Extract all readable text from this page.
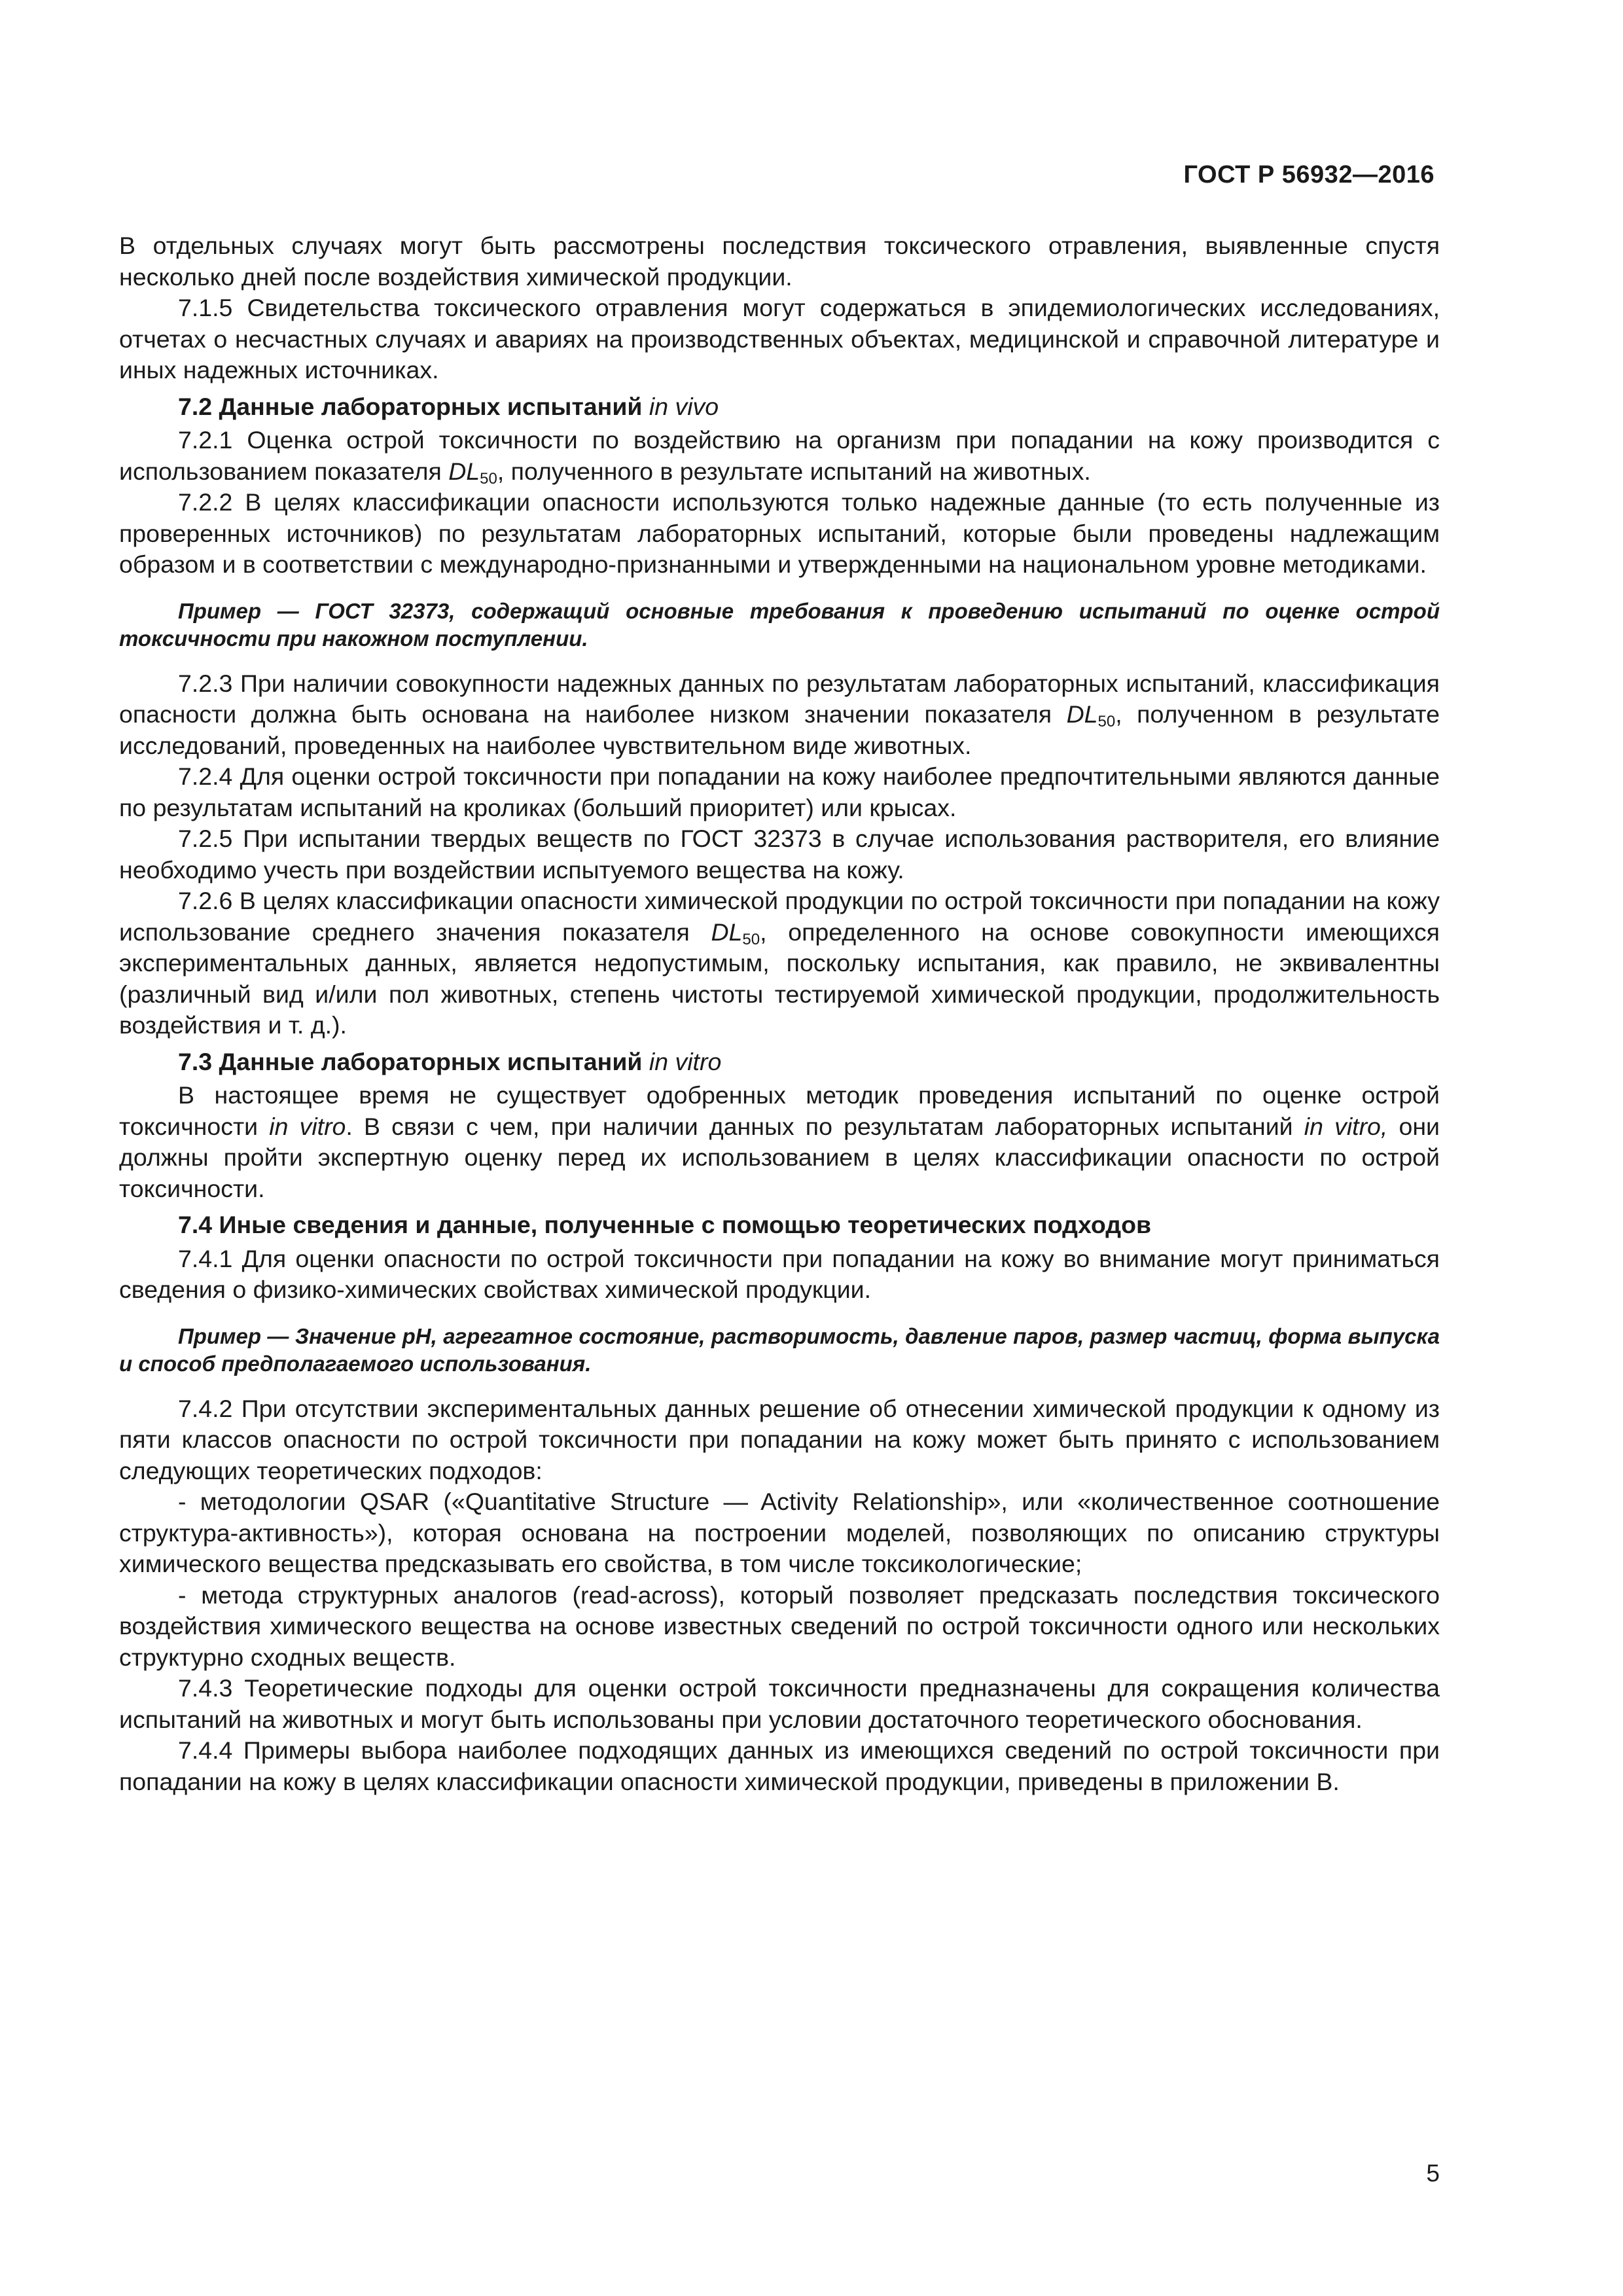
ГОСТ Р 56932—2016

В отдельных случаях могут быть рассмотрены последствия токсического отравления, выявленные спустя несколько дней после воздействия химической продукции.

7.1.5 Свидетельства токсического отравления могут содержаться в эпидемиологических исследованиях, отчетах о несчастных случаях и авариях на производственных объектах, медицинской и справочной литературе и иных надежных источниках.

7.2 Данные лабораторных испытаний in vivo

7.2.1 Оценка острой токсичности по воздействию на организм при попадании на кожу производится с использованием показателя $DL_{50}$, полученного в результате испытаний на животных.

7.2.2 В целях классификации опасности используются только надежные данные (то есть полученные из проверенных источников) по результатам лабораторных испытаний, которые были проведены надлежащим образом и в соответствии с международно-признанными и утвержденными на национальном уровне методиками.

Пример — ГОСТ 32373, содержащий основные требования к проведению испытаний по оценке острой токсичности при накожном поступлении.

7.2.3 При наличии совокупности надежных данных по результатам лабораторных испытаний, классификация опасности должна быть основана на наиболее низком значении показателя $DL_{50}$, полученном в результате исследований, проведенных на наиболее чувствительном виде животных.

7.2.4 Для оценки острой токсичности при попадании на кожу наиболее предпочтительными являются данные по результатам испытаний на кроликах (больший приоритет) или крысах.

7.2.5 При испытании твердых веществ по ГОСТ 32373 в случае использования растворителя, его влияние необходимо учесть при воздействии испытуемого вещества на кожу.

7.2.6 В целях классификации опасности химической продукции по острой токсичности при попадании на кожу использование среднего значения показателя $DL_{50}$, определенного на основе совокупности имеющихся экспериментальных данных, является недопустимым, поскольку испытания, как правило, не эквивалентны (различный вид и/или пол животных, степень чистоты тестируемой химической продукции, продолжительность воздействия и т. д.).

7.3 Данные лабораторных испытаний in vitro

В настоящее время не существует одобренных методик проведения испытаний по оценке острой токсичности in vitro. В связи с чем, при наличии данных по результатам лабораторных испытаний in vitro, они должны пройти экспертную оценку перед их использованием в целях классификации опасности по острой токсичности.

7.4 Иные сведения и данные, полученные с помощью теоретических подходов

7.4.1 Для оценки опасности по острой токсичности при попадании на кожу во внимание могут приниматься сведения о физико-химических свойствах химической продукции.

Пример — Значение pH, агрегатное состояние, растворимость, давление паров, размер частиц, форма выпуска и способ предполагаемого использования.

7.4.2 При отсутствии экспериментальных данных решение об отнесении химической продукции к одному из пяти классов опасности по острой токсичности при попадании на кожу может быть принято с использованием следующих теоретических подходов:

- методологии QSAR («Quantitative Structure — Activity Relationship», или «количественное соотношение структура-активность»), которая основана на построении моделей, позволяющих по описанию структуры химического вещества предсказывать его свойства, в том числе токсикологические;

- метода структурных аналогов (read-across), который позволяет предсказать последствия токсического воздействия химического вещества на основе известных сведений по острой токсичности одного или нескольких структурно сходных веществ.

7.4.3 Теоретические подходы для оценки острой токсичности предназначены для сокращения количества испытаний на животных и могут быть использованы при условии достаточного теоретического обоснования.

7.4.4 Примеры выбора наиболее подходящих данных из имеющихся сведений по острой токсичности при попадании на кожу в целях классификации опасности химической продукции, приведены в приложении В.

5
